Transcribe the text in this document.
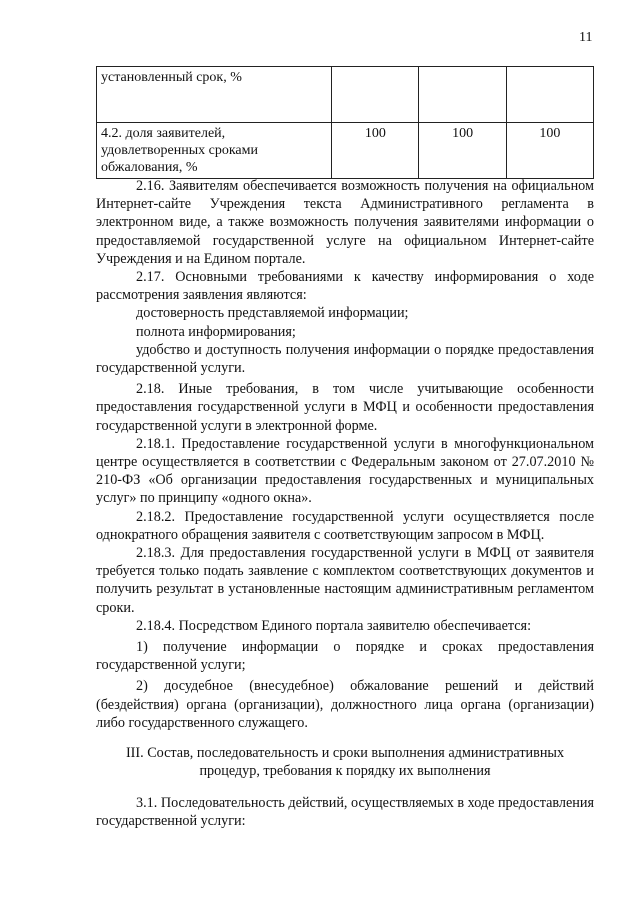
11
установленный срок, %			
4.2. доля заявителей, удовлетворенных сроками обжалования, %	100	100	100

2.16. Заявителям обеспечивается возможность получения на официальном Интернет-сайте Учреждения текста Административного регламента в электронном виде, а также возможность получения заявителями информации о предоставляемой государственной услуге на официальном Интернет-сайте Учреждения и на Едином портале.

2.17. Основными требованиями к качеству информирования о ходе рассмотрения заявления являются:

достоверность представляемой информации;

полнота информирования;

удобство и доступность получения информации о порядке предоставления государственной услуги.

2.18. Иные требования, в том числе учитывающие особенности предоставления государственной услуги в МФЦ и особенности предоставления государственной услуги в электронной форме.

2.18.1. Предоставление государственной услуги в многофункциональном центре осуществляется в соответствии с Федеральным законом от 27.07.2010 № 210-ФЗ «Об организации предоставления государственных и муниципальных услуг» по принципу «одного окна».

2.18.2. Предоставление государственной услуги осуществляется после однократного обращения заявителя с соответствующим запросом в МФЦ.

2.18.3. Для предоставления государственной услуги в МФЦ от заявителя требуется только подать заявление с комплектом соответствующих документов и получить результат в установленные настоящим административным регламентом сроки.

2.18.4. Посредством Единого портала заявителю обеспечивается:

1) получение информации о порядке и сроках предоставления государственной услуги;

2) досудебное (внесудебное) обжалование решений и действий (бездействия) органа (организации), должностного лица органа (организации) либо государственного служащего.

III. Состав, последовательность и сроки выполнения административных процедур, требования к порядку их выполнения

3.1. Последовательность действий, осуществляемых в ходе предоставления государственной услуги:
